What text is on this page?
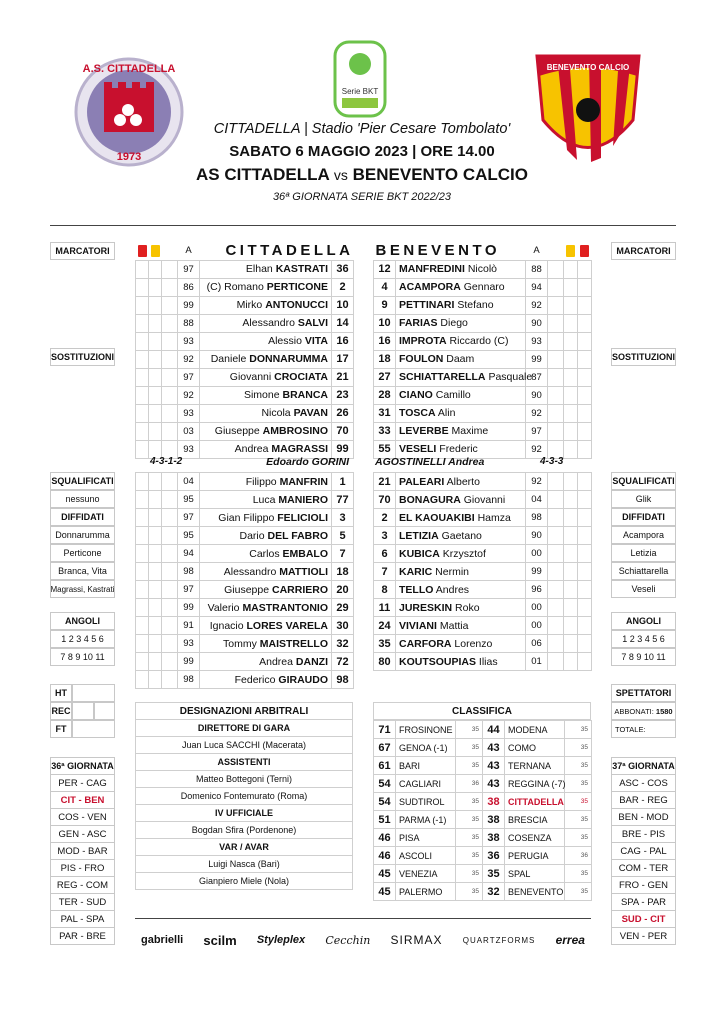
A.S. CITTADELLA
1973
Serie BKT
BENEVENTO CALCIO
CITTADELLA | Stadio 'Pier Cesare Tombolato'
SABATO 6 MAGGIO 2023 | ORE 14.00
AS CITTADELLA vs BENEVENTO CALCIO
36ª GIORNATA SERIE BKT 2022/23
MARCATORI
SOSTITUZIONI
SQUALIFICATI
nessuno
DIFFIDATI
Donnarumma
Perticone
Branca, Vita
Magrassi, Kastrati
ANGOLI
1 2 3 4 5 6
7 8 9 10 11
HT
REC
FT
36ª GIORNATA
PER - CAG
CIT - BEN
COS - VEN
GEN - ASC
MOD - BAR
PIS - FRO
REG - COM
TER - SUD
PAL - SPA
PAR - BRE
MARCATORI
SOSTITUZIONI
SQUALIFICATI
Glik
DIFFIDATI
Acampora
Letizia
Schiattarella
Veseli
ANGOLI
1 2 3 4 5 6
7 8 9 10 11
SPETTATORI
ABBONATI:
1580
TOTALE:
37ª GIORNATA
ASC - COS
BAR - REG
BEN - MOD
BRE - PIS
CAG - PAL
COM - TER
FRO - GEN
SPA - PAR
SUD - CIT
VEN - PER
			A	CITTADELLA	
			97	Elhan KASTRATI	36
			86	(C) Romano PERTICONE	2
			99	Mirko ANTONUCCI	10
			88	Alessandro SALVI	14
			93	Alessio VITA	16
			92	Daniele DONNARUMMA	17
			97	Giovanni CROCIATA	21
			92	Simone BRANCA	23
			93	Nicola PAVAN	26
			03	Giuseppe AMBROSINO	70
			93	Andrea MAGRASSI	99
4-3-1-2	Edoardo GORINI
			04	Filippo MANFRIN	1
			95	Luca MANIERO	77
			97	Gian Filippo FELICIOLI	3
			95	Dario DEL FABRO	5
			94	Carlos EMBALO	7
			98	Alessandro MATTIOLI	18
			97	Giuseppe CARRIERO	20
			99	Valerio MASTRANTONIO	29
			91	Ignacio LORES VARELA	30
			93	Tommy MAISTRELLO	32
			99	Andrea DANZI	72
			98	Federico GIRAUDO	98
BENEVENTO		A			
12	MANFREDINI Nicolò	88			
4	ACAMPORA Gennaro	94			
9	PETTINARI Stefano	92			
10	FARIAS Diego	90			
16	IMPROTA Riccardo (C)	93			
18	FOULON Daam	99			
27	SCHIATTARELLA Pasquale	87			
28	CIANO Camillo	90			
31	TOSCA Alin	92			
33	LEVERBE Maxime	97			
55	VESELI Frederic	92			
AGOSTINELLI Andrea	4-3-3
21	PALEARI Alberto	92			
70	BONAGURA Giovanni	04			
2	EL KAOUAKIBI Hamza	98			
3	LETIZIA Gaetano	90			
6	KUBICA Krzysztof	00			
7	KARIC Nermin	99			
8	TELLO Andres	96			
11	JURESKIN Roko	00			
24	VIVIANI Mattia	00			
35	CARFORA Lorenzo	06			
80	KOUTSOUPIAS Ilias	01			
DESIGNAZIONI ARBITRALI
DIRETTORE DI GARA
Juan Luca SACCHI (Macerata)
ASSISTENTI
Matteo Bottegoni (Terni)
Domenico Fontemurato (Roma)
IV UFFICIALE
Bogdan Sfira (Pordenone)
VAR / AVAR
Luigi Nasca (Bari)
Gianpiero Miele (Nola)
CLASSIFICA
71	FROSINONE	35	44	MODENA	35
67	GENOA (-1)	35	43	COMO	35
61	BARI	35	43	TERNANA	35
54	CAGLIARI	36	43	REGGINA (-7)	35
54	SUDTIROL	35	38	CITTADELLA	35
51	PARMA (-1)	35	38	BRESCIA	35
46	PISA	35	38	COSENZA	35
46	ASCOLI	35	36	PERUGIA	36
45	VENEZIA	35	35	SPAL	35
45	PALERMO	35	32	BENEVENTO	35
gabrielli scilm Styleplex Cecchin SIRMAX	QUARTZFORMS errea
